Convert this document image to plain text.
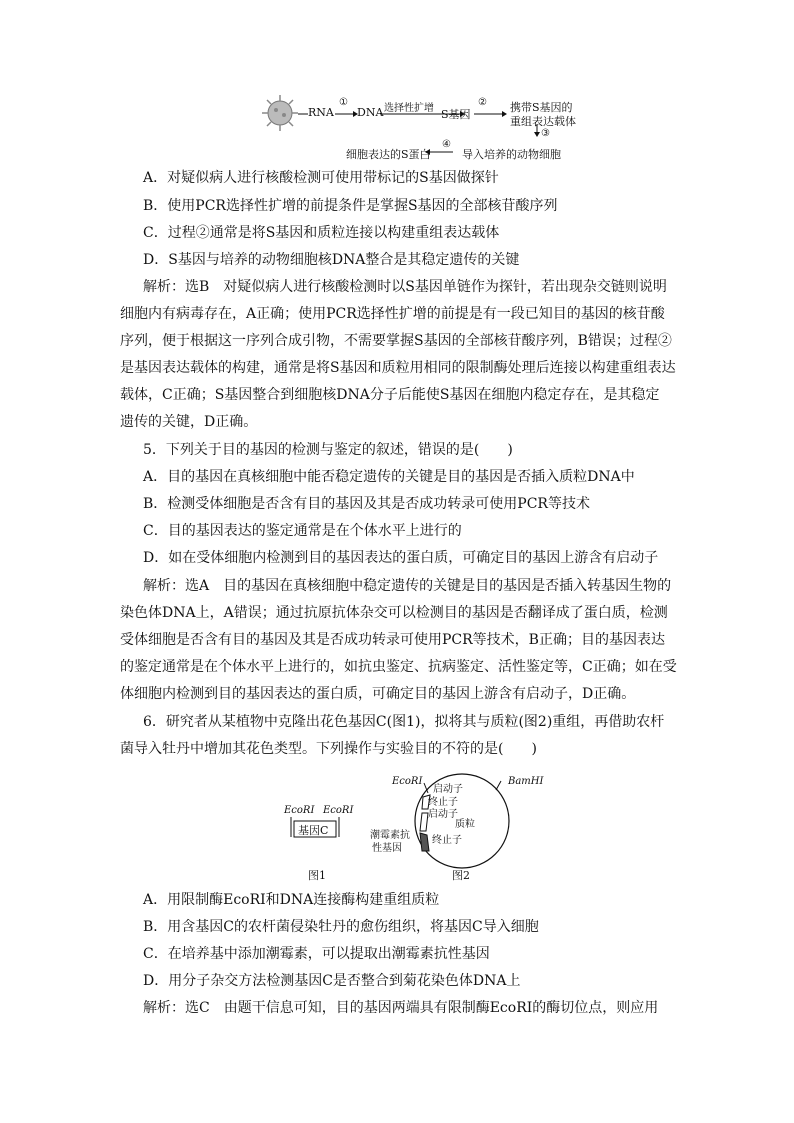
RNA
①
DNA 选择性扩增 S基因
② 携带S基因的
重组表达载体
③
导入培养的动物细胞
④
细胞表达的S蛋白
A．对疑似病人进行核酸检测可使用带标记的S基因做探针
B．使用PCR选择性扩增的前提条件是掌握S基因的全部核苷酸序列
C．过程②通常是将S基因和质粒连接以构建重组表达载体
D．S基因与培养的动物细胞核DNA整合是其稳定遗传的关键
解析：选B　对疑似病人进行核酸检测时以S基因单链作为探针，若出现杂交链则说明
细胞内有病毒存在，A正确；使用PCR选择性扩增的前提是有一段已知目的基因的核苷酸
序列，便于根据这一序列合成引物，不需要掌握S基因的全部核苷酸序列，B错误；过程②
是基因表达载体的构建，通常是将S基因和质粒用相同的限制酶处理后连接以构建重组表达
载体，C正确；S基因整合到细胞核DNA分子后能使S基因在细胞内稳定存在，是其稳定
遗传的关键，D正确。
5．下列关于目的基因的检测与鉴定的叙述，错误的是(　　)
A．目的基因在真核细胞中能否稳定遗传的关键是目的基因是否插入质粒DNA中
B．检测受体细胞是否含有目的基因及其是否成功转录可使用PCR等技术
C．目的基因表达的鉴定通常是在个体水平上进行的
D．如在受体细胞内检测到目的基因表达的蛋白质，可确定目的基因上游含有启动子
解析：选A　目的基因在真核细胞中稳定遗传的关键是目的基因是否插入转基因生物的
染色体DNA上，A错误；通过抗原抗体杂交可以检测目的基因是否翻译成了蛋白质，检测
受体细胞是否含有目的基因及其是否成功转录可使用PCR等技术，B正确；目的基因表达
的鉴定通常是在个体水平上进行的，如抗虫鉴定、抗病鉴定、活性鉴定等，C正确；如在受
体细胞内检测到目的基因表达的蛋白质，可确定目的基因上游含有启动子，D正确。
6．研究者从某植物中克隆出花色基因C(图1)，拟将其与质粒(图2)重组，再借助农杆
菌导入牡丹中增加其花色类型。下列操作与实验目的不符的是(　　)
EcoRⅠ EcoRⅠ
基因C
图1
EcoRⅠ	BamHⅠ
启动子
终止子
启动子
质粒
终止子
潮霉素抗
性基因
图2
A．用限制酶EcoRⅠ和DNA连接酶构建重组质粒
B．用含基因C的农杆菌侵染牡丹的愈伤组织，将基因C导入细胞
C．在培养基中添加潮霉素，可以提取出潮霉素抗性基因
D．用分子杂交方法检测基因C是否整合到菊花染色体DNA上
解析：选C　由题干信息可知，目的基因两端具有限制酶EcoRⅠ的酶切位点，则应用
